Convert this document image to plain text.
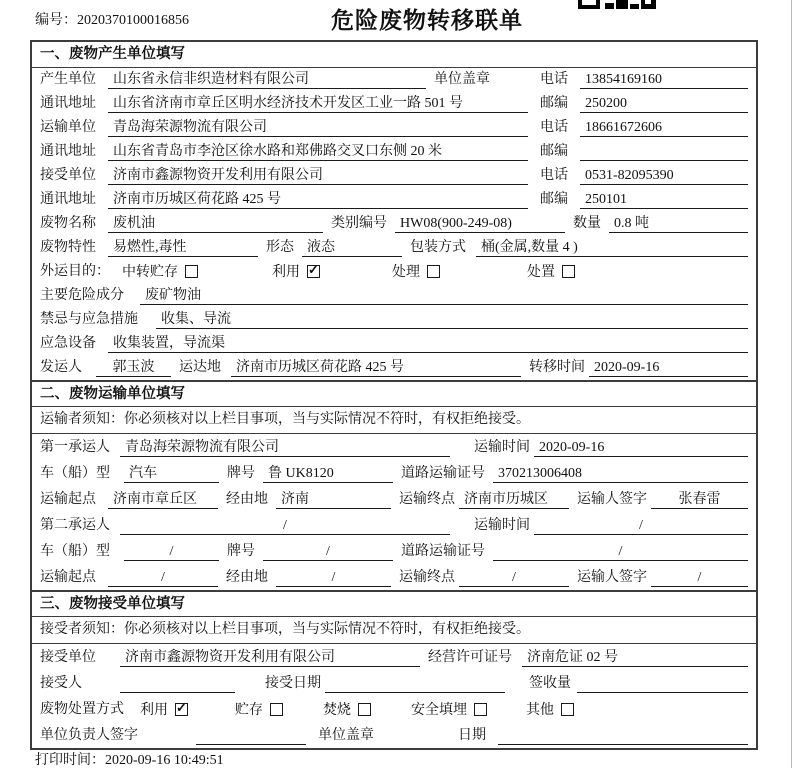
编号：2020370100016856	危险废物转移联单
一、废物产生单位填写
产生单位	山东省永信非织造材料有限公司	单位盖章	电话	13854169160
通讯地址	山东省济南市章丘区明水经济技术开发区工业一路 501 号	邮编	250200
运输单位	青岛海荣源物流有限公司	电话	18661672606
通讯地址	山东省青岛市李沧区徐水路和郑佛路交叉口东侧 20 米	邮编
接受单位	济南市鑫源物资开发利用有限公司	电话	0531-82095390
通讯地址	济南市历城区荷花路 425 号	邮编	250101
废物名称	废机油	类别编号 HW08(900-249-08)	数量 0.8 吨
废物特性	易燃性,毒性	形态 液态	包装方式	桶(金属,数量 4 )
外运目的： 中转贮存	利用 ✓	处理	处置
主要危险成分	废矿物油
禁忌与应急措施	收集、导流
应急设备	收集装置，导流渠
发运人	郭玉波	运达地	济南市历城区荷花路 425 号	转移时间 2020-09-16
二、废物运输单位填写
运输者须知：你必须核对以上栏目事项，当与实际情况不符时，有权拒绝接受。
第一承运人	青岛海荣源物流有限公司	运输时间 2020-09-16
车（船）型	汽车	牌号 鲁 UK8120	道路运输证号 370213006408
运输起点	济南市章丘区	经由地 济南	运输终点 济南市历城区	运输人签字	张春雷
第二承运人	/	运输时间	/
车（船）型	/	牌号	/	道路运输证号	/
运输起点	/	经由地	/	运输终点	/	运输人签字	/
三、废物接受单位填写
接受者须知：你必须核对以上栏目事项，当与实际情况不符时，有权拒绝接受。
接受单位	济南市鑫源物资开发利用有限公司	经营许可证号	济南危证 02 号
接受人	接受日期	签收量
废物处置方式	利用 ✓	贮存	焚烧	安全填埋	其他
单位负责人签字	单位盖章	日期
打印时间：2020-09-16 10:49:51
